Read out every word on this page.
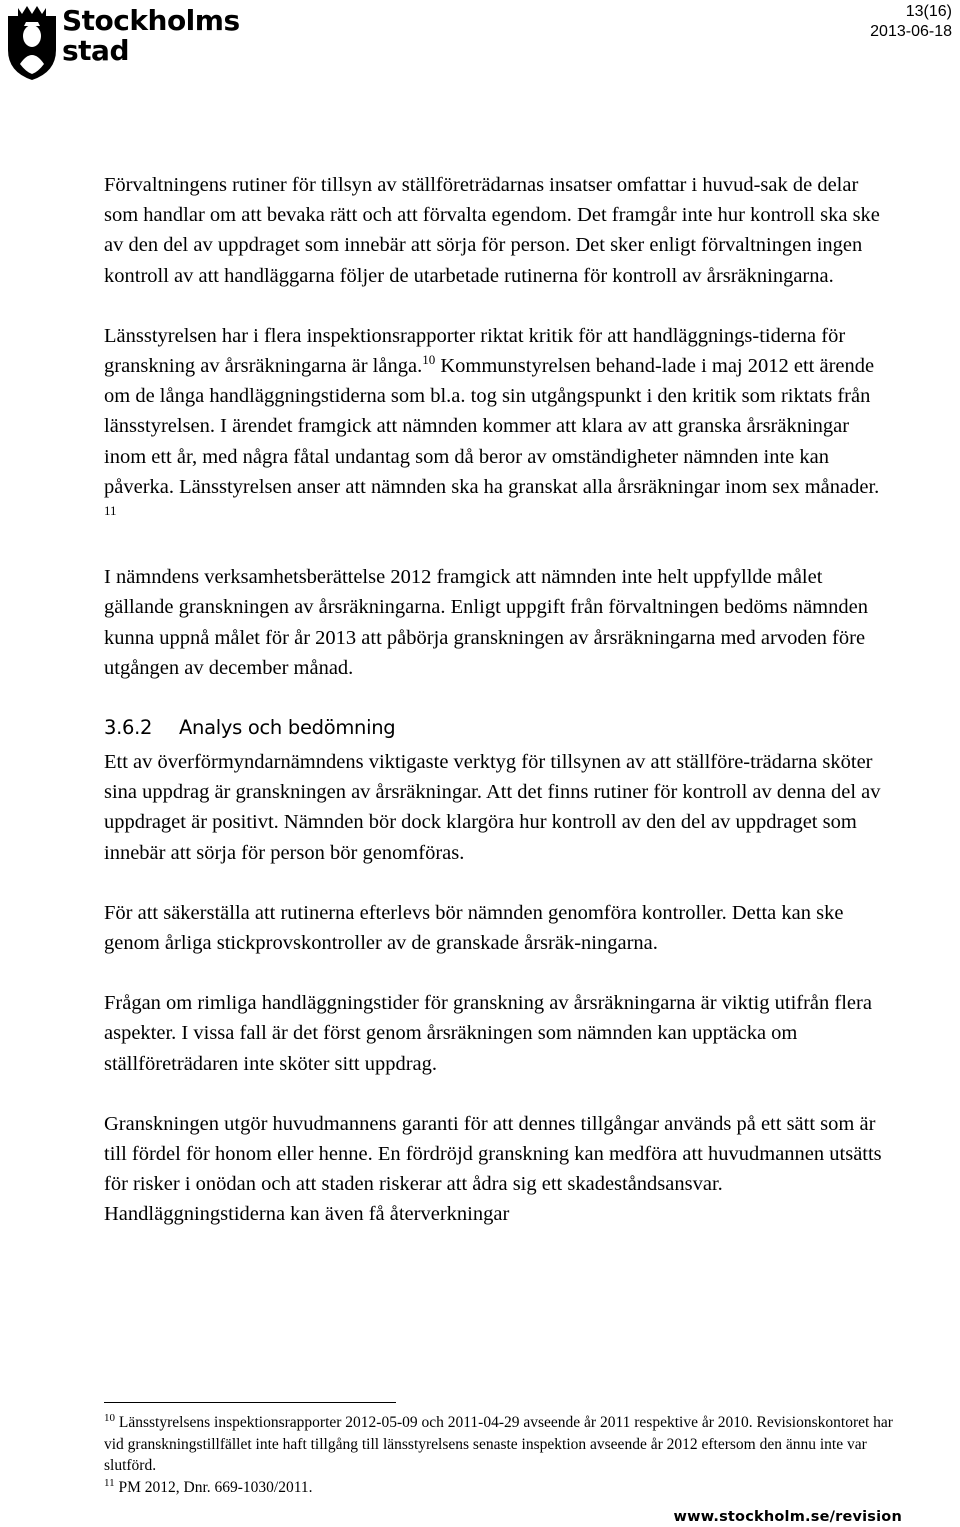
Stockholms
stad
13(16)
2013-06-18

Förvaltningens rutiner för tillsyn av ställföreträdarnas insatser omfattar i huvud-sak de delar som handlar om att bevaka rätt och att förvalta egendom. Det framgår inte hur kontroll ska ske av den del av uppdraget som innebär att sörja för person. Det sker enligt förvaltningen ingen kontroll av att handläggarna följer de utarbetade rutinerna för kontroll av årsräkningarna.

Länsstyrelsen har i flera inspektionsrapporter riktat kritik för att handläggnings-tiderna för granskning av årsräkningarna är långa.$^{10}$ Kommunstyrelsen behand-lade i maj 2012 ett ärende om de långa handläggningstiderna som bl.a. tog sin utgångspunkt i den kritik som riktats från länsstyrelsen. I ärendet framgick att nämnden kommer att klara av att granska årsräkningar inom ett år, med några fåtal undantag som då beror av omständigheter nämnden inte kan påverka. Länsstyrelsen anser att nämnden ska ha granskat alla årsräkningar inom sex månader. $^{11}$

I nämndens verksamhetsberättelse 2012 framgick att nämnden inte helt uppfyllde målet gällande granskningen av årsräkningarna. Enligt uppgift från förvaltningen bedöms nämnden kunna uppnå målet för år 2013 att påbörja granskningen av årsräkningarna med arvoden före utgången av december månad.

3.6.2 Analys och bedömning

Ett av överförmyndarnämndens viktigaste verktyg för tillsynen av att ställföre-trädarna sköter sina uppdrag är granskningen av årsräkningar. Att det finns rutiner för kontroll av denna del av uppdraget är positivt. Nämnden bör dock klargöra hur kontroll av den del av uppdraget som innebär att sörja för person bör genomföras.

För att säkerställa att rutinerna efterlevs bör nämnden genomföra kontroller. Detta kan ske genom årliga stickprovskontroller av de granskade årsräk-ningarna.

Frågan om rimliga handläggningstider för granskning av årsräkningarna är viktig utifrån flera aspekter. I vissa fall är det först genom årsräkningen som nämnden kan upptäcka om ställföreträdaren inte sköter sitt uppdrag.

Granskningen utgör huvudmannens garanti för att dennes tillgångar används på ett sätt som är till fördel för honom eller henne. En fördröjd granskning kan medföra att huvudmannen utsätts för risker i onödan och att staden riskerar att ådra sig ett skadeståndsansvar. Handläggningstiderna kan även få återverkningar

$^{10}$ Länsstyrelsens inspektionsrapporter 2012-05-09 och 2011-04-29 avseende år 2011 respektive år 2010. Revisionskontoret har vid granskningstillfället inte haft tillgång till länsstyrelsens senaste inspektion avseende år 2012 eftersom den ännu inte var slutförd.

$^{11}$ PM 2012, Dnr. 669-1030/2011.

www.stockholm.se/revision
